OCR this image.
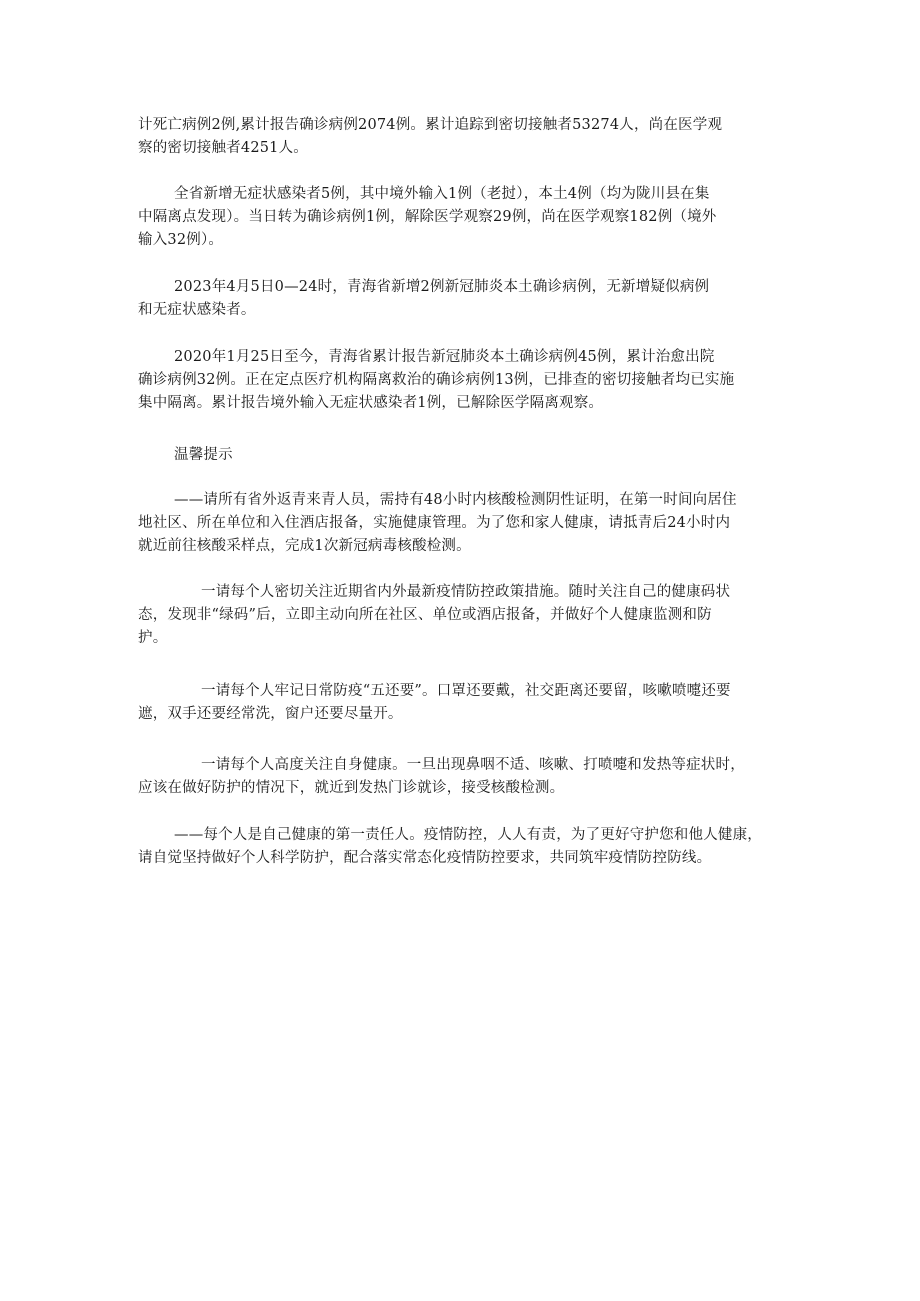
计死亡病例2例,累计报告确诊病例2074例。累计追踪到密切接触者53274人，尚在医学观
察的密切接触者4251人。

全省新增无症状感染者5例，其中境外输入1例（老挝），本土4例（均为陇川县在集
中隔离点发现）。当日转为确诊病例1例，解除医学观察29例，尚在医学观察182例（境外
输入32例）。

2023年4月5日0—24时，青海省新增2例新冠肺炎本土确诊病例，无新增疑似病例
和无症状感染者。

2020年1月25日至今，青海省累计报告新冠肺炎本土确诊病例45例，累计治愈出院
确诊病例32例。正在定点医疗机构隔离救治的确诊病例13例，已排查的密切接触者均已实施
集中隔离。累计报告境外输入无症状感染者1例，已解除医学隔离观察。

温馨提示

——请所有省外返青来青人员，需持有48小时内核酸检测阴性证明，在第一时间向居住
地社区、所在单位和入住酒店报备，实施健康管理。为了您和家人健康，请抵青后24小时内
就近前往核酸采样点，完成1次新冠病毒核酸检测。

一请每个人密切关注近期省内外最新疫情防控政策措施。随时关注自己的健康码状
态，发现非“绿码”后，立即主动向所在社区、单位或酒店报备，并做好个人健康监测和防
护。

一请每个人牢记日常防疫“五还要”。口罩还要戴，社交距离还要留，咳嗽喷嚏还要
遮，双手还要经常洗，窗户还要尽量开。

一请每个人高度关注自身健康。一旦出现鼻咽不适、咳嗽、打喷嚏和发热等症状时，
应该在做好防护的情况下，就近到发热门诊就诊，接受核酸检测。

——每个人是自己健康的第一责任人。疫情防控，人人有责，为了更好守护您和他人健康，
请自觉坚持做好个人科学防护，配合落实常态化疫情防控要求，共同筑牢疫情防控防线。
